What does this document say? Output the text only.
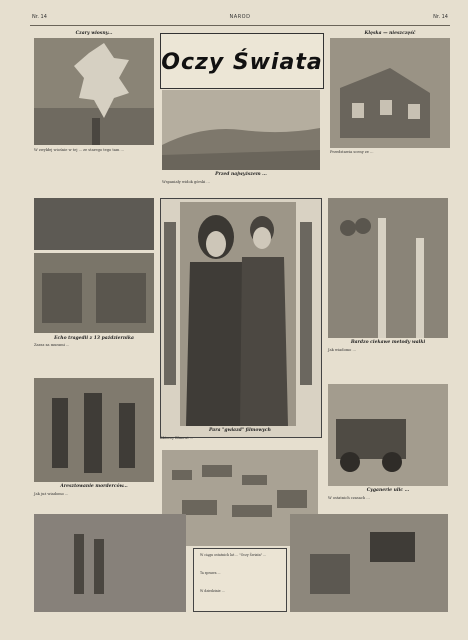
Nr. 14	NAROD	Nr. 14
Czary wiosny...
W zwykłej wiośnie w tej ... ze starego tego tam ...
Oczy Świata
Przed najwyższem ...
Wspaniały widok górski ...
Klęska — nieszczęść
Przedstawia sceny ze ...
Echo tragedii z 13 października
Zaraz za murami ...
Para "gwiazd" filmowych
Aktorzy filmowi ...
Bardzo ciekawe metody walki
Jak wiadomo ...
Aresztowanie morderców...
Jak już wiadomo ...
Cyganerie ulic ...
W ostatnich czasach ...
W ciągu ostatnich lat ... "Oczy Świata" ...
Ta sprawa ...
W dziedzinie ...
